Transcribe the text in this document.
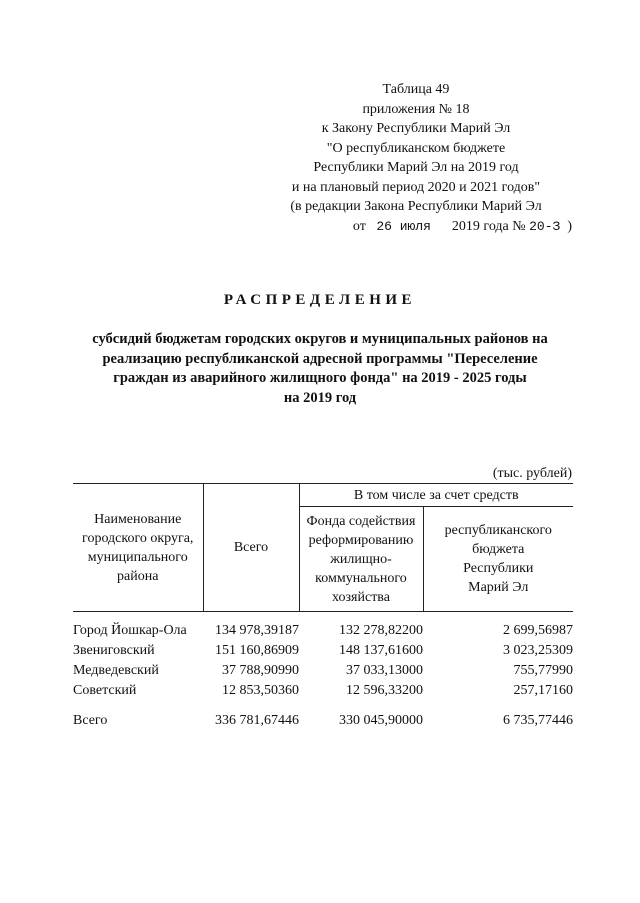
Таблица 49
приложения № 18
к Закону Республики Марий Эл
"О республиканском бюджете
Республики Марий Эл на 2019 год
и на плановый период 2020 и 2021 годов"
(в редакции Закона Республики Марий Эл
от 26 июля 2019 года № 20-З )
РАСПРЕДЕЛЕНИЕ
субсидий бюджетам городских округов и муниципальных районов на
реализацию республиканской адресной программы "Переселение
граждан из аварийного жилищного фонда" на 2019 - 2025 годы
на 2019 год
(тыс. рублей)
Наименование городского округа, муниципального района	Всего	В том числе за счет средств	
		Фонда содействия реформированию жилищно-коммунального хозяйства	республиканского бюджета Республики Марий Эл
Город Йошкар-Ола	134 978,39187	132 278,82200	2 699,56987
Звениговский	151 160,86909	148 137,61600	3 023,25309
Медведевский	37 788,90990	37 033,13000	755,77990
Советский	12 853,50360	12 596,33200	257,17160

Всего	336 781,67446	330 045,90000	6 735,77446
